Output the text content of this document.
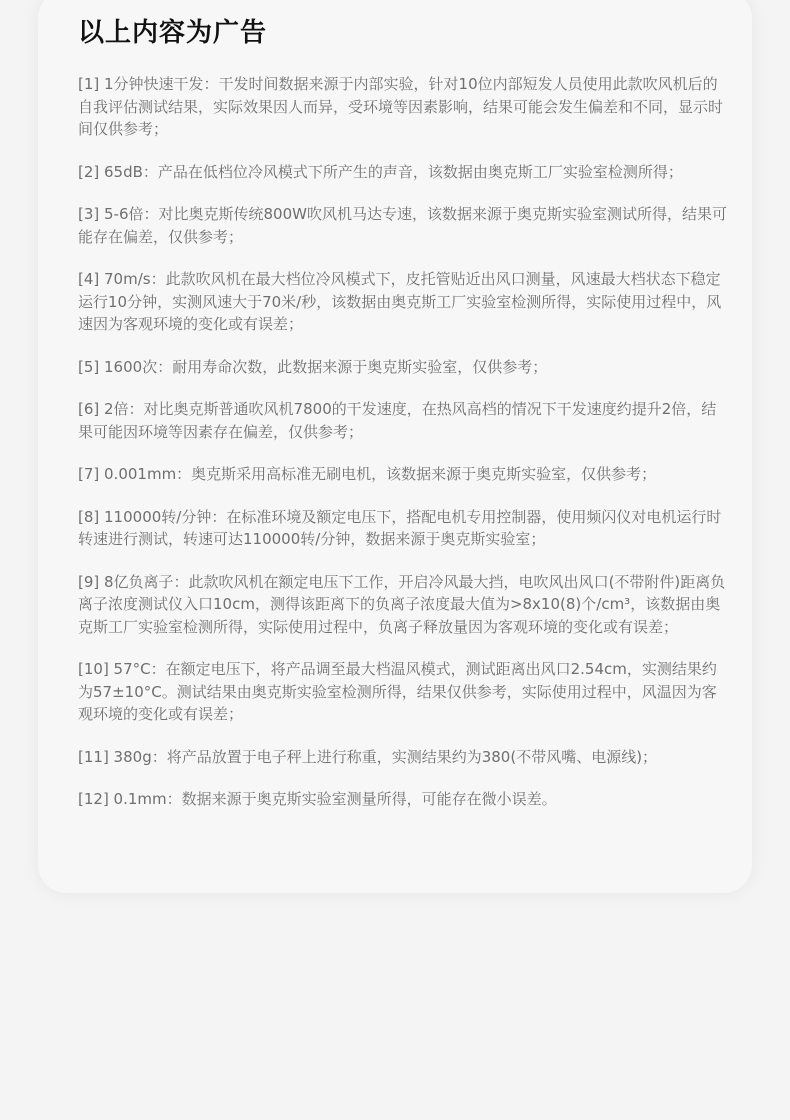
以上内容为广告
[1] 1分钟快速干发：干发时间数据来源于内部实验，针对10位内部短发人员使用此款吹风机后的自我评估测试结果，实际效果因人而异，受环境等因素影响，结果可能会发生偏差和不同，显示时间仅供参考；
[2] 65dB：产品在低档位冷风模式下所产生的声音，该数据由奥克斯工厂实验室检测所得；
[3] 5-6倍：对比奥克斯传统800W吹风机马达专速，该数据来源于奥克斯实验室测试所得，结果可能存在偏差，仅供参考；
[4] 70m/s：此款吹风机在最大档位冷风模式下，皮托管贴近出风口测量，风速最大档状态下稳定运行10分钟，实测风速大于70米/秒，该数据由奥克斯工厂实验室检测所得，实际使用过程中，风速因为客观环境的变化或有误差；
[5] 1600次：耐用寿命次数，此数据来源于奥克斯实验室，仅供参考；
[6] 2倍：对比奥克斯普通吹风机7800的干发速度，在热风高档的情况下干发速度约提升2倍，结果可能因环境等因素存在偏差，仅供参考；
[7] 0.001mm：奥克斯采用高标准无刷电机，该数据来源于奥克斯实验室，仅供参考；
[8] 110000转/分钟：在标准环境及额定电压下，搭配电机专用控制器，使用频闪仪对电机运行时转速进行测试，转速可达110000转/分钟，数据来源于奥克斯实验室；
[9] 8亿负离子：此款吹风机在额定电压下工作，开启冷风最大挡，电吹风出风口(不带附件)距离负离子浓度测试仪入口10cm，测得该距离下的负离子浓度最大值为>8x10(8)个/cm³，该数据由奥克斯工厂实验室检测所得，实际使用过程中，负离子释放量因为客观环境的变化或有误差；
[10] 57°C：在额定电压下，将产品调至最大档温风模式，测试距离出风口2.54cm，实测结果约为57±10°C。测试结果由奥克斯实验室检测所得，结果仅供参考，实际使用过程中，风温因为客观环境的变化或有误差；
[11] 380g：将产品放置于电子秤上进行称重，实测结果约为380(不带风嘴、电源线)；
[12] 0.1mm：数据来源于奥克斯实验室测量所得，可能存在微小误差。
